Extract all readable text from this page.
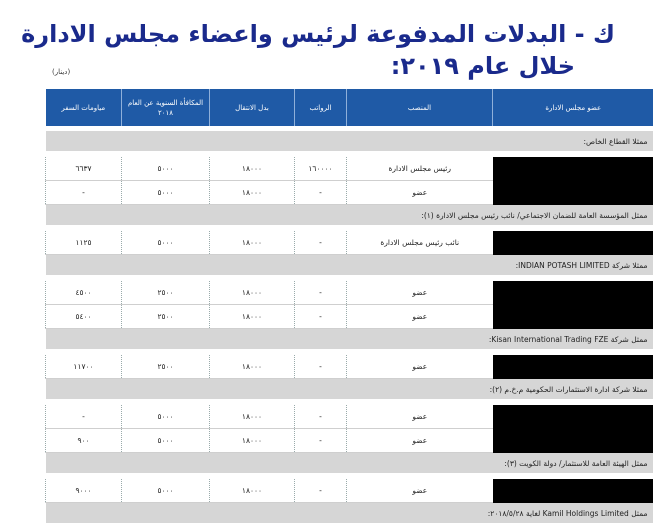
ك - البدلات المدفوعة لرئيس واعضاء مجلس الادارة
خلال عام ٢٠١٩:
(دينار)
عضو مجلس الادارة	المنصب	الرواتب	بدل الانتقال	المكافأة السنوية عن العام ٢٠١٨	مياومات السفر

ممثلا القطاع الخاص:					

	رئيس مجلس الادارة	١٦٠٠٠٠	١٨٠٠٠	٥٠٠٠	٦٦٣٧
	عضو	-	١٨٠٠٠	٥٠٠٠	-
ممثل المؤسسة العامة للضمان الاجتماعي/ نائب رئيس مجلس الادارة (١):					

	نائب رئيس مجلس الادارة	-	١٨٠٠٠	٥٠٠٠	١١٢٥
ممثلا شركة INDIAN POTASH LIMITED:					

	عضو	-	١٨٠٠٠	٢٥٠٠	٤٥٠٠
	عضو	-	١٨٠٠٠	٢٥٠٠	٥٤٠٠
ممثل شركة Kisan International Trading FZE:					

	عضو	-	١٨٠٠٠	٢٥٠٠	١١٧٠٠
ممثلا شركة ادارة الاستثمارات الحكومية م.خ.م (٢):					

	عضو	-	١٨٠٠٠	٥٠٠٠	-
	عضو	-	١٨٠٠٠	٥٠٠٠	٩٠٠
ممثل الهيئة العامة للاستثمار/ دولة الكويت (٣):					

	عضو	-	١٨٠٠٠	٥٠٠٠	٩٠٠٠
ممثل Kamil Holdings Limited لغاية ٢٠١٨/٥/٢٨:					
